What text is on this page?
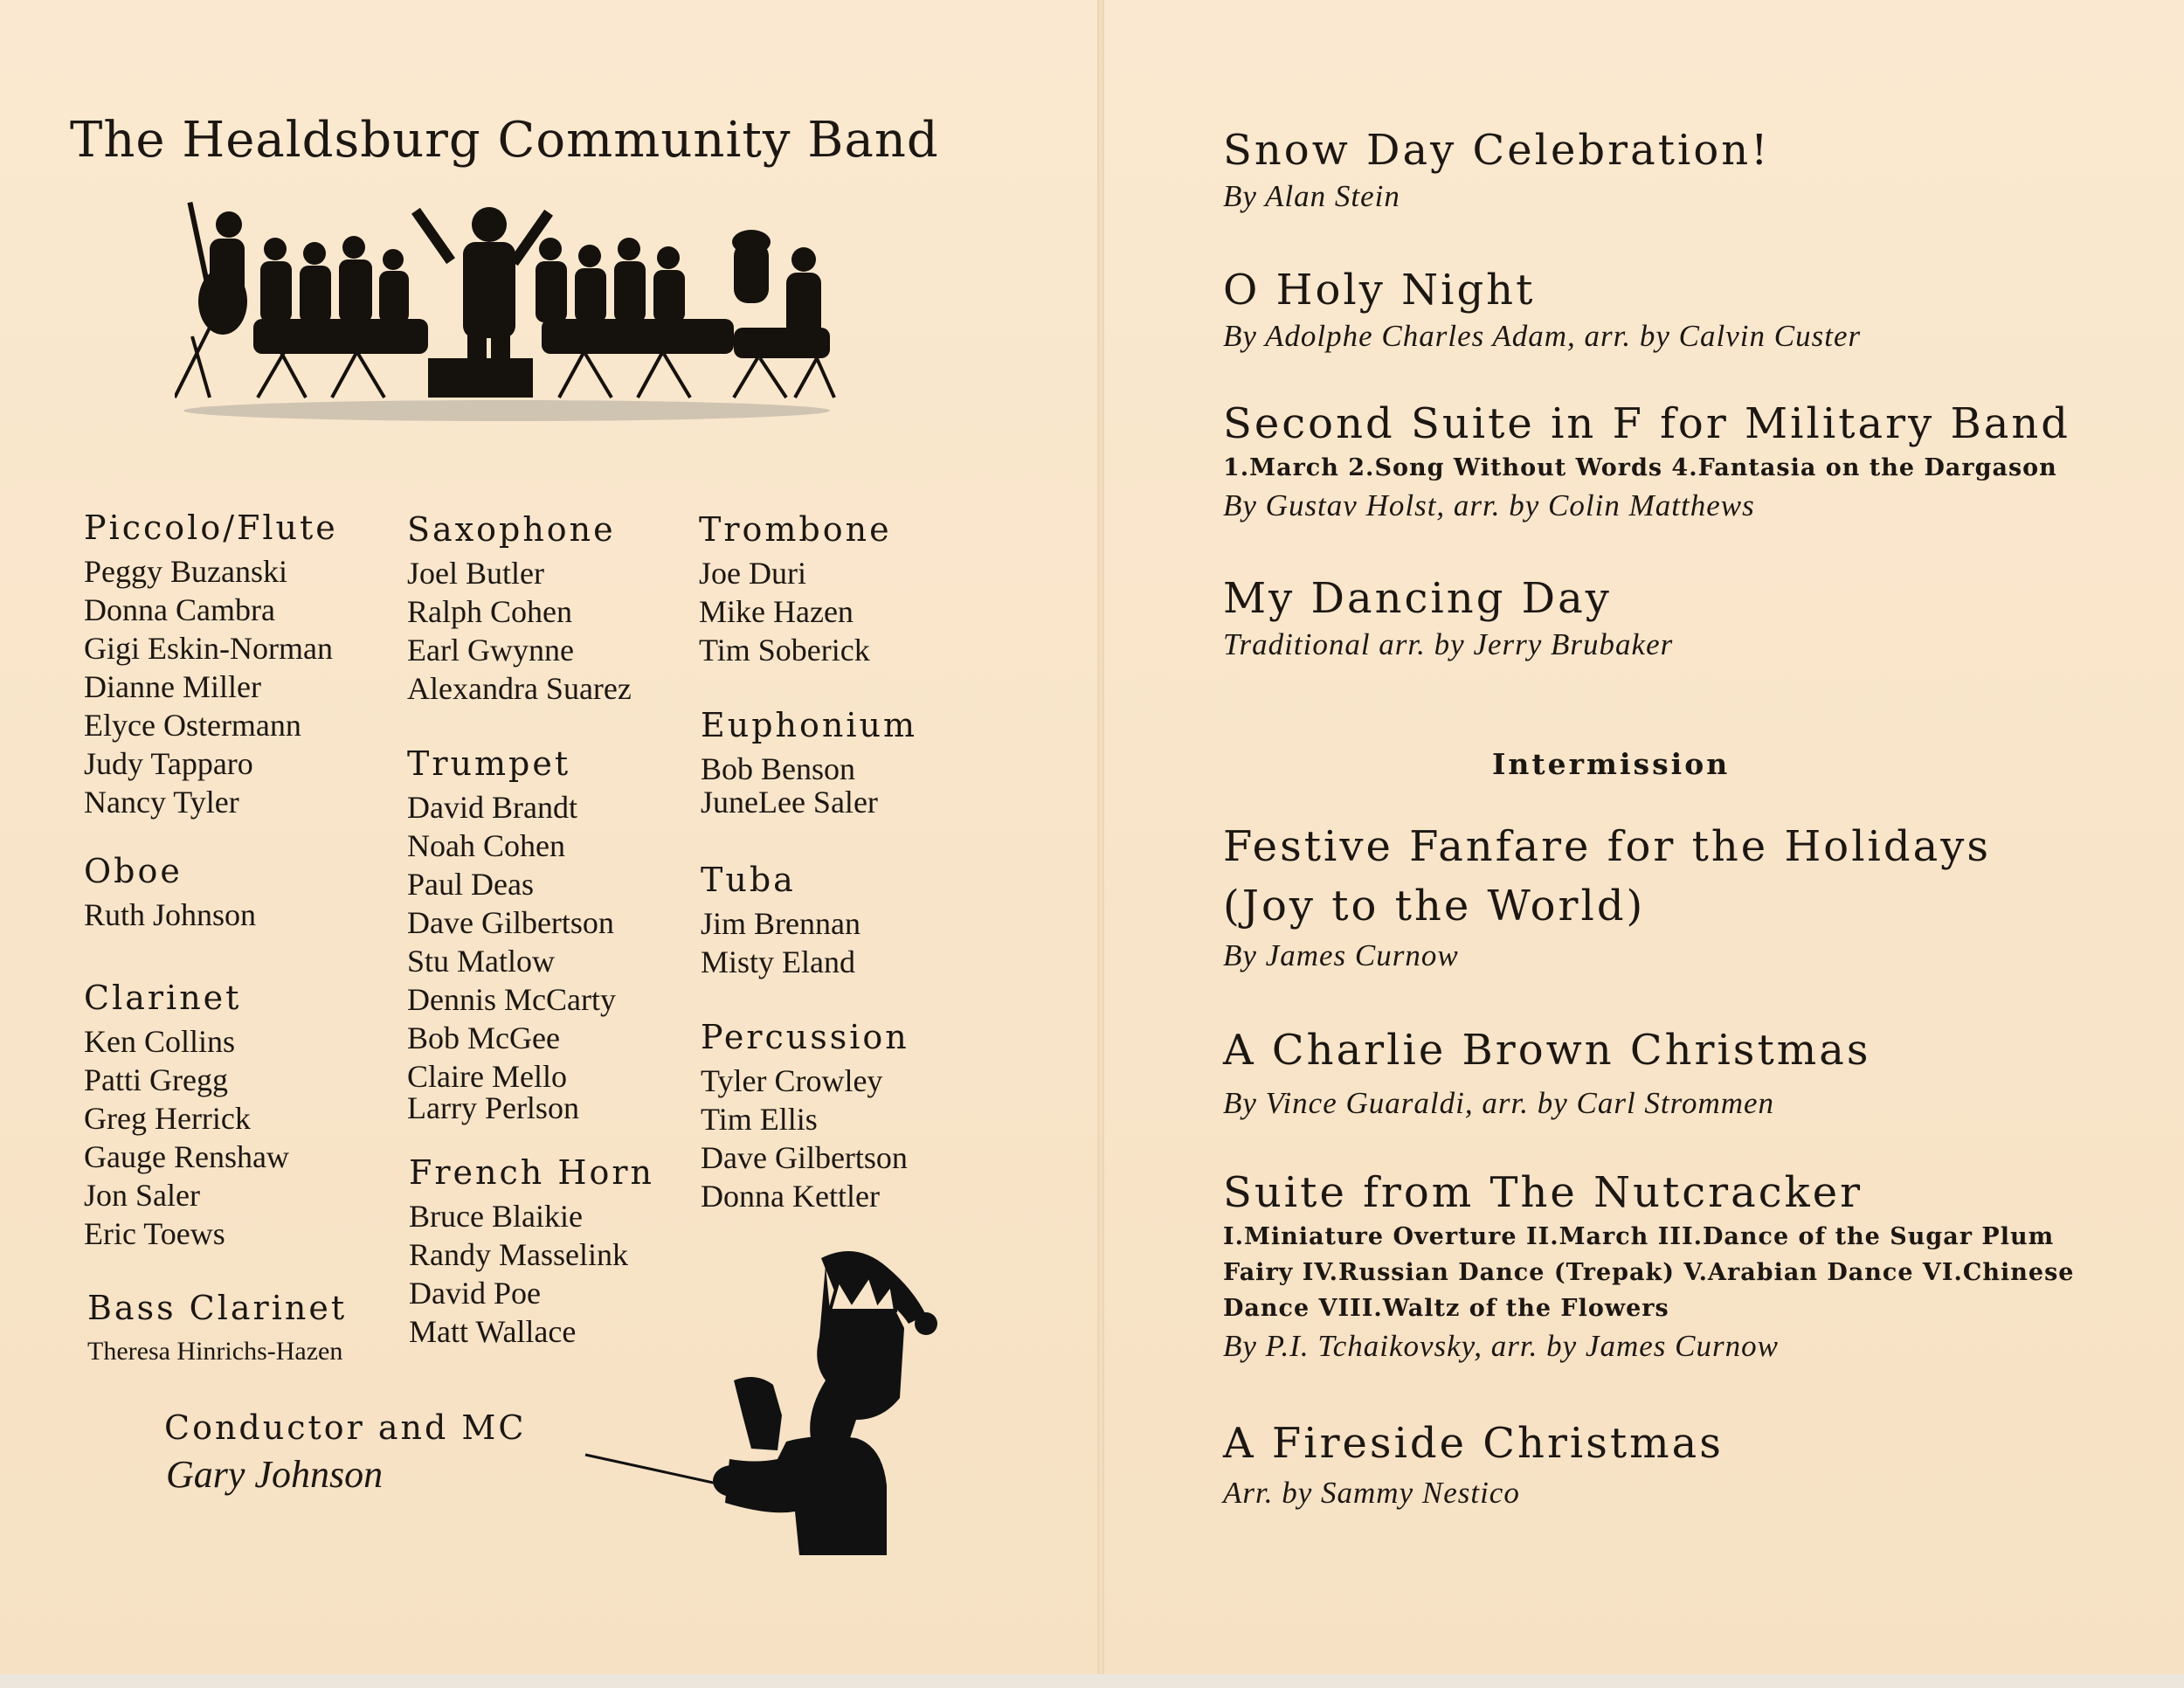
The Healdsburg Community Band
Piccolo/Flute
Peggy Buzanski
Donna Cambra
Gigi Eskin-Norman
Dianne Miller
Elyce Ostermann
Judy Tapparo
Nancy Tyler
Oboe
Ruth Johnson
Clarinet
Ken Collins
Patti Gregg
Greg Herrick
Gauge Renshaw
Jon Saler
Eric Toews
Bass Clarinet
Theresa Hinrichs-Hazen
Saxophone
Joel Butler
Ralph Cohen
Earl Gwynne
Alexandra Suarez
Trumpet
David Brandt
Noah Cohen
Paul Deas
Dave Gilbertson
Stu Matlow
Dennis McCarty
Bob McGee
Claire Mello
Larry Perlson
French Horn
Bruce Blaikie
Randy Masselink
David Poe
Matt Wallace
Trombone
Joe Duri
Mike Hazen
Tim Soberick
Euphonium
Bob Benson
JuneLee Saler
Tuba
Jim Brennan
Misty Eland
Percussion
Tyler Crowley
Tim Ellis
Dave Gilbertson
Donna Kettler
Conductor and MC
Gary Johnson
Snow Day Celebration!
By Alan Stein
O Holy Night
By Adolphe Charles Adam, arr. by Calvin Custer
Second Suite in F for Military Band
1.March 2.Song Without Words 4.Fantasia on the Dargason
By Gustav Holst, arr. by Colin Matthews
My Dancing Day
Traditional arr. by Jerry Brubaker
Intermission
Festive Fanfare for the Holidays
(Joy to the World)
By James Curnow
A Charlie Brown Christmas
By Vince Guaraldi, arr. by Carl Strommen
Suite from The Nutcracker
I.Miniature Overture II.March III.Dance of the Sugar Plum Fairy IV.Russian Dance (Trepak) V.Arabian Dance VI.Chinese Dance VIII.Waltz of the Flowers
By P.I. Tchaikovsky, arr. by James Curnow
A Fireside Christmas
Arr. by Sammy Nestico
